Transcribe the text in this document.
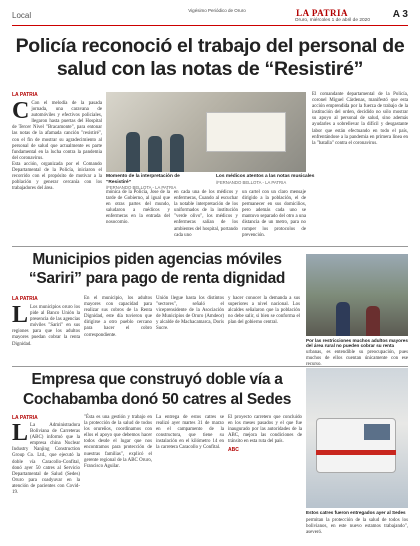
Local
Vigésimo Periódico de Oruro	LA PATRIA
Oruro, miércoles 1 de abril de 2020
A 3
Policía reconoció el trabajo del personal de salud con las notas de “Resistiré”
LA PATRIA
C Con el melodía de la pasada jornada, una caravana de automóviles y efectivos policiales, llegaron hasta puertas del Hospital de Tercer Nivel "Bracamonte", para entonar las notas de la afamada canción "resistiré", con el fin de mostrar su agradecimiento al personal de salud que actualmente es parte fundamental en la lucha contra la pandemia del coronavirus.
Esta acción, organizada por el Comando Departamental de la Policía, iniciaron el recorrido con el propósito de motivar a la población y generar cercanía con los trabajadores del área.
Momento de la interpretación de “Resistiré”
/FERNANDO BELLOTA - LA PATRIA
Los médicos atentos a las notas musicales
/FERNANDO BELLOTA - LA PATRIA
mónica de la Policía, Jose de la tarde de Gobierno, al igual que en otras partes del mundo, saludaron a médicos y enfermeras en la entrada del nosocomio.
en cada una de los médicos y enfermeras, Cuando al escuchar la notable interpretación de los uniformados de la institución "verde olivo", los médicos y enfermeras salían de los ambientes del hospital, portando cada uno
un cartel con un claro mensaje dirigido a la población, el de permanecer en sus domicilios, pero además cada uno se mantuvo separado del otro a una distancia de un metro, para no romper los protocolos de prevención.
El comandante departamental de la Policía, coronel Miguel Cárdenas, manifestó que esta acción emprendida por la fuerza de trabajo de la institución del orden, decidido no sólo mostrar su apoyo al personal de salud, sino además ayudarles a sobrellevar la difícil y desgastante labor que están efectuando en todo el país, enfrentándose a la pandemia en primera línea en la "batalla" contra el coronavirus.
Municipios piden agencias móviles “Sariri” para pago de renta dignidad
LA PATRIA
L Los municipios oruro los pide al Banco Unión la presencia de las agencias móviles "Sariri" en sus regiones para que los adultos mayores puedan cobrar la renta Dignidad.
En el municipio, los adultos mayores con capacidad para realizar sus cobros de la Renta Dignidad, este día tuvieron que dirigirse a otro pueblo cercano para hacer el cobro correspondiente.
Unión llegue hasta los distintos "sectores", señaló el viceprensidente de la Asociación de Municipios de Oruro (Amdeor) y alcalde de Machacamarca, Doris Sucre.
y hacer conocer la demanda a sus superiores a nivel nacional. Los alcaldes señalaron que la población no debe salir, si bien se conforma el plan del gobierno central.
Por las restricciones muchos adultos mayores del área rural no pueden cobrar su renta
urbanas, es entendible su preocupación, pues muchos de ellos cuentan únicamente con ese recurso.
Empresa que construyó doble vía a Cochabamba donó 50 catres al Sedes
LA PATRIA
L La Administradora Boliviana de Carreteras (ABC) informó que la empresa china Nuclear Industry Nanjing Construction Group Co. Ltd., que ejecutó la doble vía Caracollo-Confital, donó ayer 50 catres al Servicio Departamental de Salud (Sedes) Oruro para coadyuvar en la atención de pacientes con Covid-19.
"Ésta es una gestión y trabajo en la protección de la salud de todos los orureños, coordinamos con ellos el apoyo que debemos hacer todos desde el lugar que nos encontramos para protección de nuestras familias", explicó el gerente regional de la ABC Oruro, Francisco Aguilar.
La entrega de estos catres se realizó ayer martes 31 de marzo en el campamento de la constructora, que tiene su instalación en el kilómetro 14 en la carretera Caracollo y Confital.
El proyecto carretero que concluido en los meses pasados y el que fue inaugurado por las autoridades de la ABC, mejora las condiciones de tránsito en esta ruta del país.
ABC
Estos catres fueron entregados ayer al Sedes
permitan la protección de la salud de todos los bolivianos, en este nuevo estamos trabajando", aseveró.
